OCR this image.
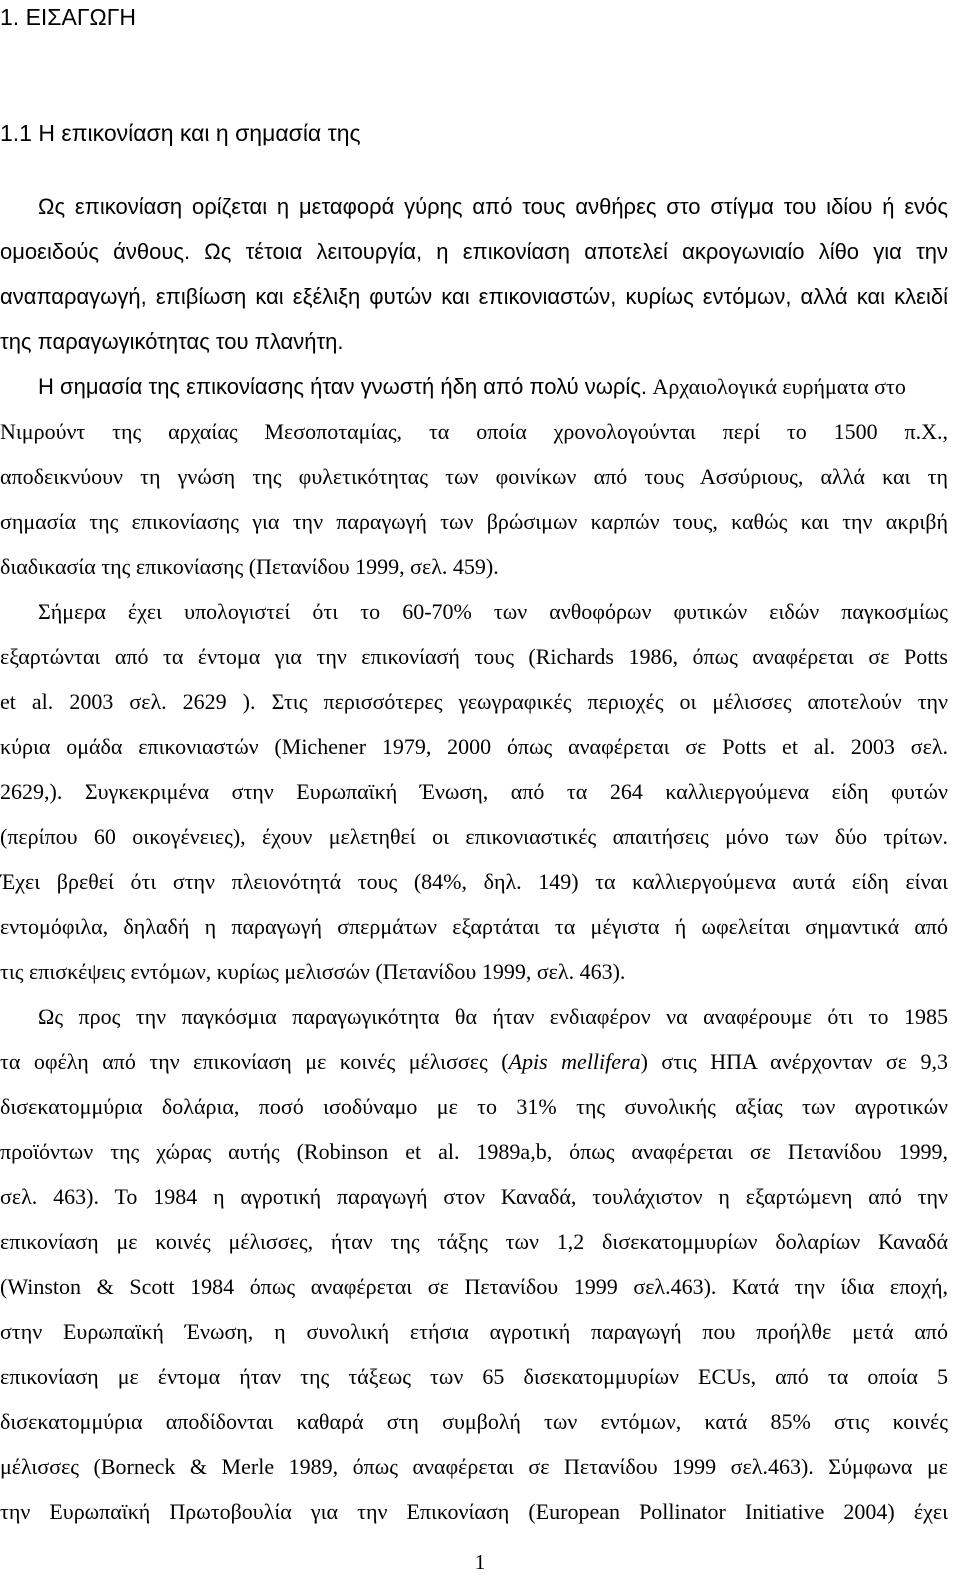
1. ΕΙΣΑΓΩΓΗ
1.1 Η επικονίαση και η σημασία της
Ως επικονίαση ορίζεται η μεταφορά γύρης από τους ανθήρες στο στίγμα του ιδίου ή ενός
ομοειδούς άνθους. Ως τέτοια λειτουργία, η επικονίαση αποτελεί ακρογωνιαίο λίθο για την
αναπαραγωγή, επιβίωση και εξέλιξη φυτών και επικονιαστών, κυρίως εντόμων, αλλά και κλειδί
της παραγωγικότητας του πλανήτη.
Η σημασία της επικονίασης ήταν γνωστή ήδη από πολύ νωρίς. Αρχαιολογικά ευρήματα στο
Νιμρούντ της αρχαίας Μεσοποταμίας, τα οποία χρονολογούνται περί το 1500 π.Χ.,
αποδεικνύουν τη γνώση της φυλετικότητας των φοινίκων από τους Ασσύριους, αλλά και τη
σημασία της επικονίασης για την παραγωγή των βρώσιμων καρπών τους, καθώς και την ακριβή
διαδικασία της επικονίασης (Πετανίδου 1999, σελ. 459).
Σήμερα έχει υπολογιστεί ότι το 60-70% των ανθοφόρων φυτικών ειδών παγκοσμίως
εξαρτώνται από τα έντομα για την επικονίασή τους (Richards 1986, όπως αναφέρεται σε Potts
et al. 2003 σελ. 2629 ). Στις περισσότερες γεωγραφικές περιοχές οι μέλισσες αποτελούν την
κύρια ομάδα επικονιαστών (Michener 1979, 2000 όπως αναφέρεται σε Potts et al. 2003 σελ.
2629,). Συγκεκριμένα στην Ευρωπαϊκή Ένωση, από τα 264 καλλιεργούμενα είδη φυτών
(περίπου 60 οικογένειες), έχουν μελετηθεί οι επικονιαστικές απαιτήσεις μόνο των δύο τρίτων.
Έχει βρεθεί ότι στην πλειονότητά τους (84%, δηλ. 149) τα καλλιεργούμενα αυτά είδη είναι
εντομόφιλα, δηλαδή η παραγωγή σπερμάτων εξαρτάται τα μέγιστα ή ωφελείται σημαντικά από
τις επισκέψεις εντόμων, κυρίως μελισσών (Πετανίδου 1999, σελ. 463).
Ως προς την παγκόσμια παραγωγικότητα θα ήταν ενδιαφέρον να αναφέρουμε ότι το 1985
τα οφέλη από την επικονίαση με κοινές μέλισσες (Apis mellifera) στις ΗΠΑ ανέρχονταν σε 9,3
δισεκατομμύρια δολάρια, ποσό ισοδύναμο με το 31% της συνολικής αξίας των αγροτικών
προϊόντων της χώρας αυτής (Robinson et al. 1989a,b, όπως αναφέρεται σε Πετανίδου 1999,
σελ. 463). Το 1984 η αγροτική παραγωγή στον Καναδά, τουλάχιστον η εξαρτώμενη από την
επικονίαση με κοινές μέλισσες, ήταν της τάξης των 1,2 δισεκατομμυρίων δολαρίων Καναδά
(Winston & Scott 1984 όπως αναφέρεται σε Πετανίδου 1999 σελ.463). Κατά την ίδια εποχή,
στην Ευρωπαϊκή Ένωση, η συνολική ετήσια αγροτική παραγωγή που προήλθε μετά από
επικονίαση με έντομα ήταν της τάξεως των 65 δισεκατομμυρίων ECUs, από τα οποία 5
δισεκατομμύρια αποδίδονται καθαρά στη συμβολή των εντόμων, κατά 85% στις κοινές
μέλισσες (Borneck & Merle 1989, όπως αναφέρεται σε Πετανίδου 1999 σελ.463). Σύμφωνα με
την Ευρωπαϊκή Πρωτοβουλία για την Επικονίαση (European Pollinator Initiative 2004) έχει
1
